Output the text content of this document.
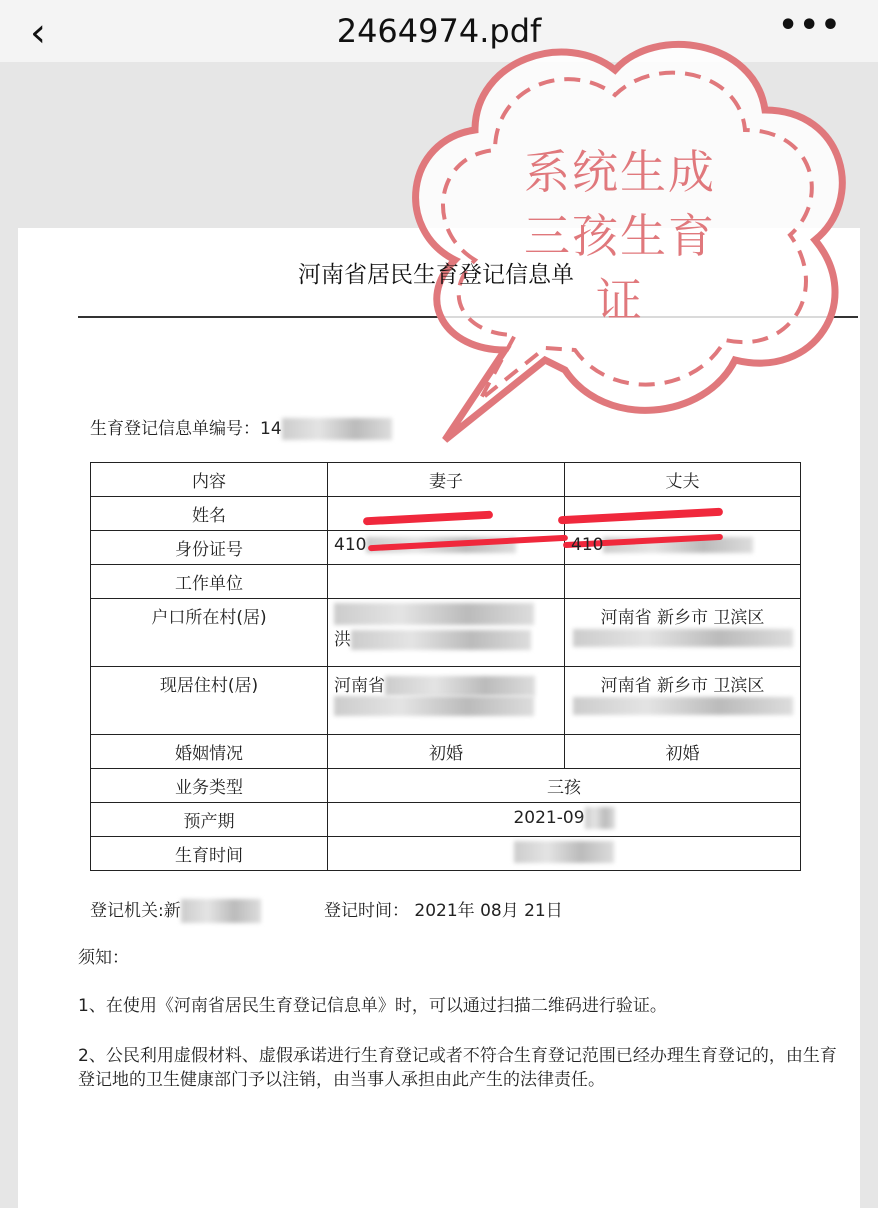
‹	2464974.pdf	•••
河南省居民生育登记信息单
生育登记信息单编号：14
内容	妻子	丈夫
姓名		
身份证号	410	410
工作单位		
户口所在村(居)	洪	河南省 新乡市 卫滨区

现居住村(居)	河南省	河南省 新乡市 卫滨区

婚姻情况	初婚	初婚
业务类型	三孩	
预产期	2021-09	
生育时间		
登记机关:新	登记时间： 2021年 08月 21日
须知：
1、在使用《河南省居民生育登记信息单》时，可以通过扫描二维码进行验证。
2、公民利用虚假材料、虚假承诺进行生育登记或者不符合生育登记范围已经办理生育登记的，由生育登记地的卫生健康部门予以注销，由当事人承担由此产生的法律责任。
系统生成
三孩生育
证
